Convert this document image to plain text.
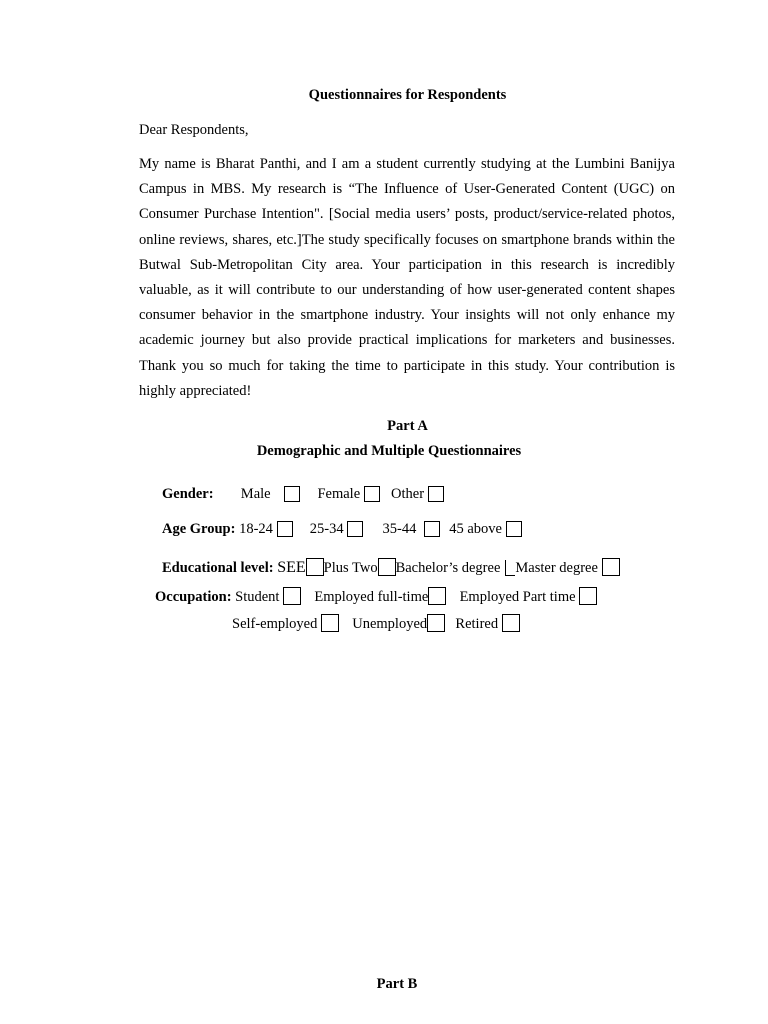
Questionnaires for Respondents
Dear Respondents,
My name is Bharat Panthi, and I am a student currently studying at the Lumbini Banijya Campus in MBS. My research is “The Influence of User-Generated Content (UGC) on Consumer Purchase Intention". [Social media users’ posts, product/service-related photos, online reviews, shares, etc.]The study specifically focuses on smartphone brands within the Butwal Sub-Metropolitan City area. Your participation in this research is incredibly valuable, as it will contribute to our understanding of how user-generated content shapes consumer behavior in the smartphone industry. Your insights will not only enhance my academic journey but also provide practical implications for marketers and businesses. Thank you so much for taking the time to participate in this study. Your contribution is highly appreciated!
Part A
Demographic and Multiple Questionnaires
Gender: Male	Female Other
Age Group: 18-24	25-34	35-44 45 above
Educational level: SEE Plus Two Bachelor’s degree Master degree
Occupation: Student Employed full-time Employed Part time
Self-employed Unemployed Retired
Part B
